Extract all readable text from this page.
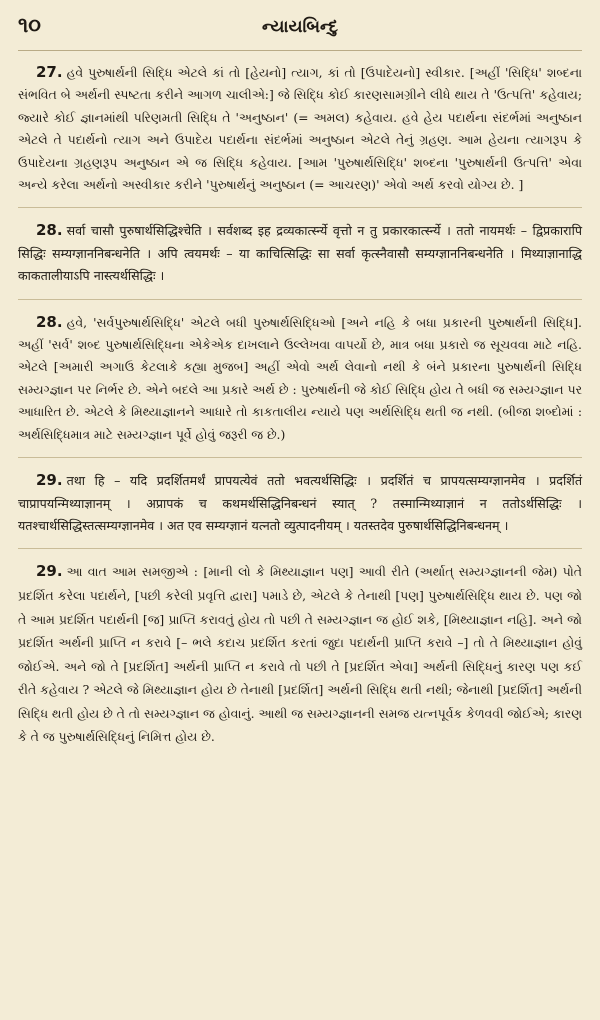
૧૦	ન્યાયબિન્દુ

27. હવે પુરુષાર્થની સિદ્ધિ એટલે કાં તો [હેયનો] ત્યાગ, કાં તો [ઉપાદેયનો] સ્વીકાર. [અહીં 'સિદ્ધિ' શબ્દના સંભવિત બે અર્થની સ્પષ્ટતા કરીને આગળ ચાલીએ:] જે સિદ્ધિ કોઈ કારણસામગ્રીને લીધે થાય તે 'ઉત્પત્તિ' કહેવાય; જ્યારે કોઈ જ્ઞાનમાંથી પરિણમતી સિદ્ધિ તે 'અનુષ્ઠાન' (= અમલ) કહેવાય. હવે હેય પદાર્થના સંદર્ભમાં અનુષ્ઠાન એટલે તે પદાર્થનો ત્યાગ અને ઉપાદેય પદાર્થના સંદર્ભમાં અનુષ્ઠાન એટલે તેનું ગ્રહણ. આમ હેયના ત્યાગરૂપ કે ઉપાદેયના ગ્રહણરૂપ અનુષ્ઠાન એ જ સિદ્ધિ કહેવાય. [આમ 'પુરુષાર્થસિદ્ધિ' શબ્દના 'પુરુષાર્થની ઉત્પત્તિ' એવા અન્યે કરેલા અર્થનો અસ્વીકાર કરીને 'પુરુષાર્થનું અનુષ્ઠાન (= આચરણ)' એવો અર્થ કરવો યોગ્ય છે. ]

28. सर्वा चासौ पुरुषार्थसिद्धिश्चेति । सर्वशब्द इह द्रव्यकार्त्स्न्ये वृत्तो न तु प्रकारकार्त्स्न्ये । ततो नायमर्थः – द्विप्रकारापि सिद्धिः सम्यग्ज्ञाननिबन्धनेति । अपि त्वयमर्थः – या काचित्सिद्धिः सा सर्वा कृत्स्नैवासौ सम्यग्ज्ञाननिबन्धनेति । मिथ्याज्ञानाद्धि काकतालीयाऽपि नास्त्यर्थसिद्धिः ।

28. હવે, 'સર્વપુરુષાર્થસિદ્ધિ' એટલે બધી પુરુષાર્થસિદ્ધિઓ [અને નહિ કે બધા પ્રકારની પુરુષાર્થની સિદ્ધિ]. અહીં 'સર્વ' શબ્દ પુરુષાર્થસિદ્ધિના એકેએક દાખલાને ઉલ્લેખવા વાપર્યો છે, માત્ર બધા પ્રકારો જ સૂચવવા માટે નહિ. એટલે [અમારી અગાઉ કેટલાકે કહ્યા મુજબ] અહીં એવો અર્થ લેવાનો નથી કે બંને પ્રકારના પુરુષાર્થની સિદ્ધિ સમ્યગ્જ્ઞાન પર નિર્ભર છે. એને બદલે આ પ્રકારે અર્થ છે : પુરુષાર્થની જે કોઈ સિદ્ધિ હોય તે બધી જ સમ્યગ્જ્ઞાન પર આધારિત છે. એટલે કે મિથ્યાજ્ઞાનને આધારે તો કાકતાલીય ન્યાયે પણ અર્થસિદ્ધિ થતી જ નથી. (બીજા શબ્દોમાં : અર્થસિદ્ધિમાત્ર માટે સમ્યગ્જ્ઞાન પૂર્વે હોવું જરૂરી જ છે.)

29. तथा हि – यदि प्रदर्शितमर्थं प्रापयत्येवं ततो भवत्यर्थसिद्धिः । प्रदर्शितं च प्रापयत्सम्यग्ज्ञानमेव । प्रदर्शितं चाप्रापयन्मिथ्याज्ञानम् । अप्रापकं च कथमर्थसिद्धिनिबन्धनं स्यात् ? तस्मान्मिथ्याज्ञानं न ततोऽर्थसिद्धिः । यतश्चार्थसिद्धिस्तत्सम्यग्ज्ञानमेव । अत एव सम्यग्ज्ञानं यत्नतो व्युत्पादनीयम् । यतस्तदेव पुरुषार्थसिद्धिनिबन्धनम् ।

29. આ વાત આમ સમજીએ : [માની લો કે મિથ્યાજ્ઞાન પણ] આવી રીતે (અર્થાત્ સમ્યગ્જ્ઞાનની જેમ) પોતે પ્રદર્શિત કરેલા પદાર્થને, [પછી કરેલી પ્રવૃત્તિ દ્વારા] પમાડે છે, એટલે કે તેનાથી [પણ] પુરુષાર્થસિદ્ધિ થાય છે. પણ જો તે આમ પ્રદર્શિત પદાર્થની [જ] પ્રાપ્તિ કરાવતું હોય તો પછી તે સમ્યગ્જ્ઞાન જ હોઈ શકે, [મિથ્યાજ્ઞાન નહિ]. અને જો પ્રદર્શિત અર્થની પ્રાપ્તિ ન કરાવે [– ભલે કદાચ પ્રદર્શિત કરતાં જુદા પદાર્થની પ્રાપ્તિ કરાવે –] તો તે મિથ્યાજ્ઞાન હોવું જોઈએ. અને જો તે [પ્રદર્શિત] અર્થની પ્રાપ્તિ ન કરાવે તો પછી તે [પ્રદર્શિત એવા] અર્થની સિદ્ધિનું કારણ પણ કઈ રીતે કહેવાય ? એટલે જે મિથ્યાજ્ઞાન હોય છે તેનાથી [પ્રદર્શિત] અર્થની સિદ્ધિ થતી નથી; જેનાથી [પ્રદર્શિત] અર્થની સિદ્ધિ થતી હોય છે તે તો સમ્યગ્જ્ઞાન જ હોવાનું. આથી જ સમ્યગ્જ્ઞાનની સમજ યત્નપૂર્વક કેળવવી જોઈએ; કારણ કે તે જ પુરુષાર્થસિદ્ધિનું નિમિત્ત હોય છે.
